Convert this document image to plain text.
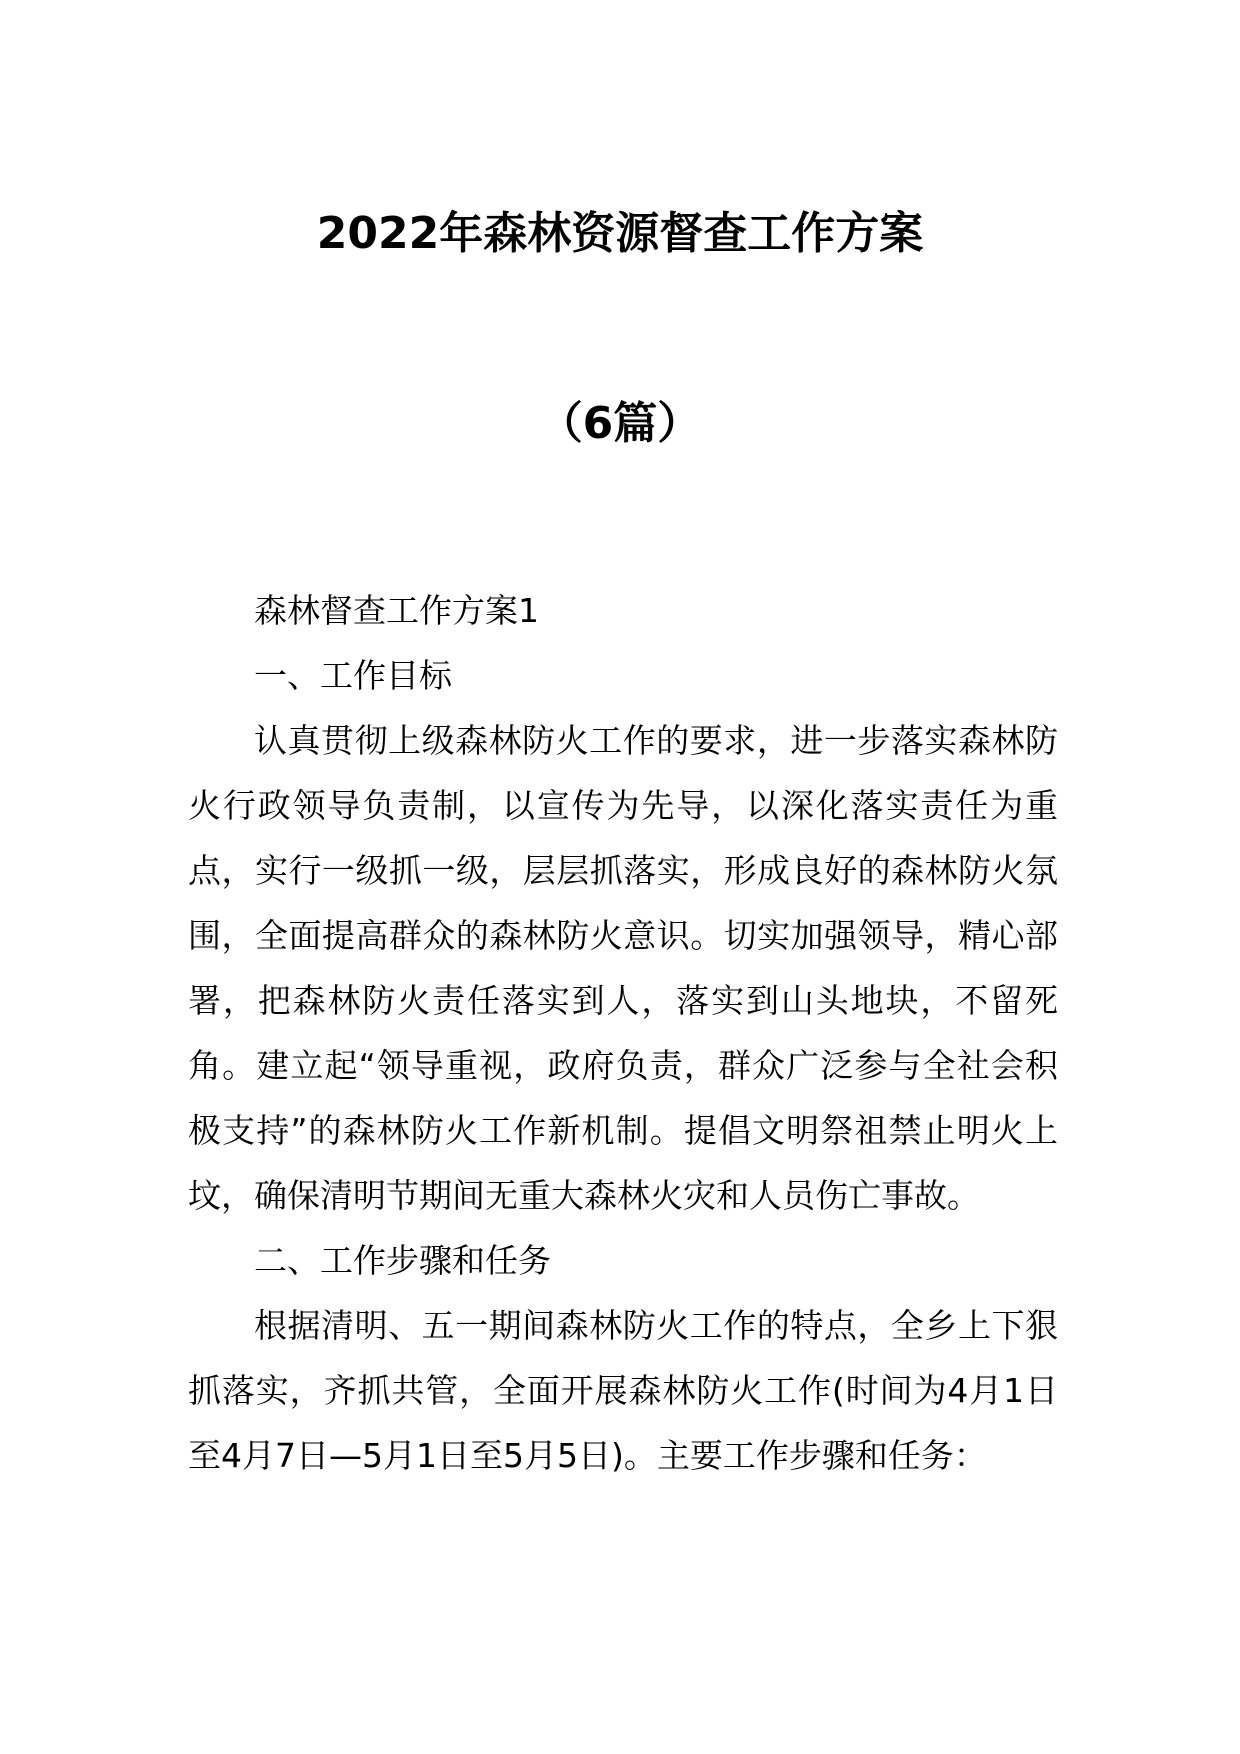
2022年森林资源督查工作方案
（6篇）

森林督查工作方案1

一、工作目标

认真贯彻上级森林防火工作的要求，进一步落实森林防火行政领导负责制，以宣传为先导，以深化落实责任为重点，实行一级抓一级，层层抓落实，形成良好的森林防火氛围，全面提高群众的森林防火意识。切实加强领导，精心部署，把森林防火责任落实到人，落实到山头地块，不留死角。建立起“领导重视，政府负责，群众广泛参与全社会积极支持”的森林防火工作新机制。提倡文明祭祖禁止明火上坟，确保清明节期间无重大森林火灾和人员伤亡事故。

二、工作步骤和任务

根据清明、五一期间森林防火工作的特点，全乡上下狠抓落实，齐抓共管，全面开展森林防火工作(时间为4月1日至4月7日—5月1日至5月5日)。主要工作步骤和任务：
